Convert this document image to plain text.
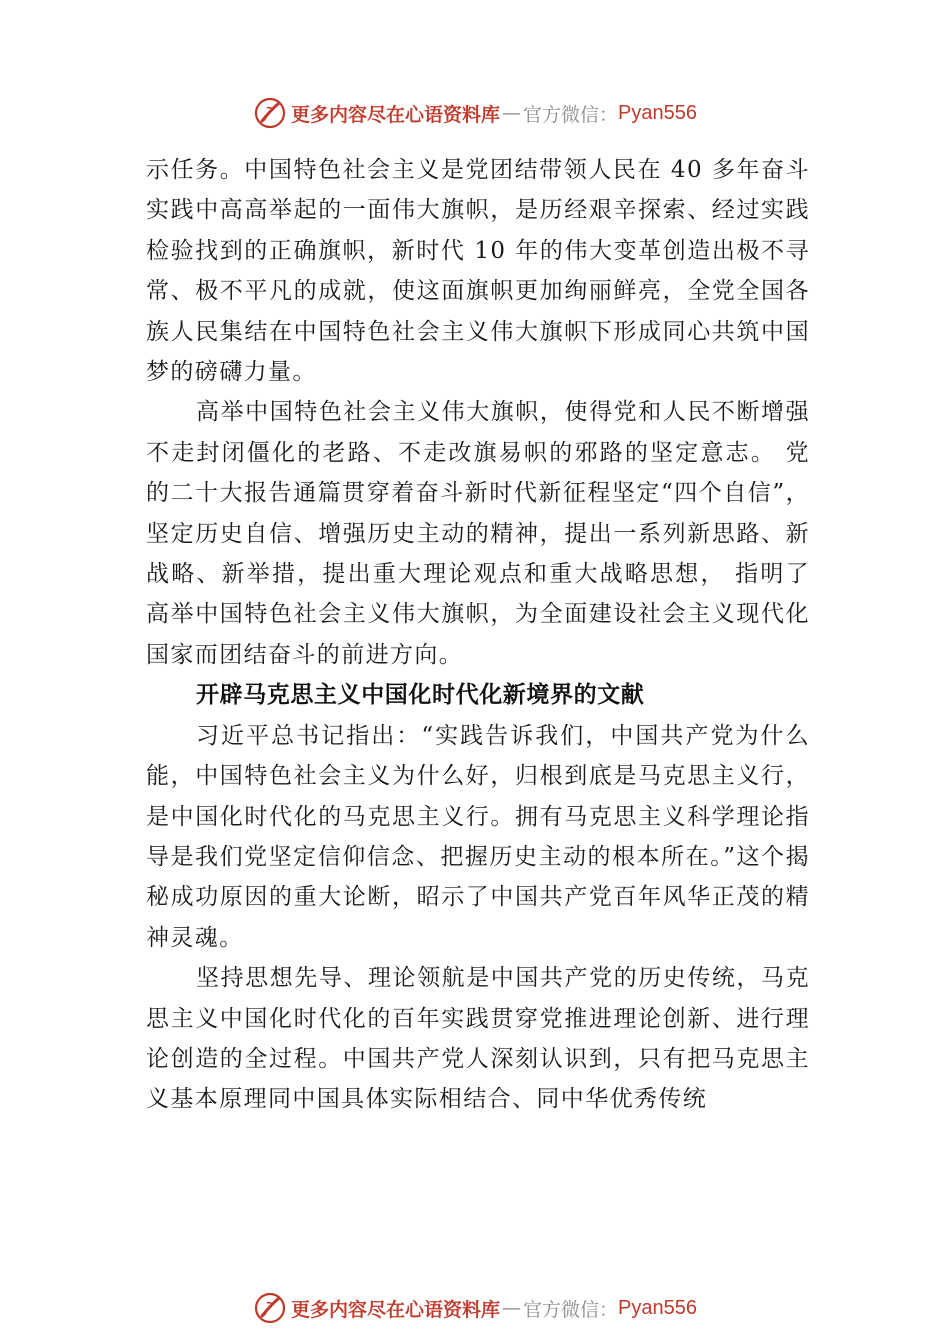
更多内容尽在心语资料库 — 官方微信： Pyan556

示任务。中国特色社会主义是党团结带领人民在 40 多年奋斗实践中高高举起的一面伟大旗帜，是历经艰辛探索、经过实践检验找到的正确旗帜，新时代 10 年的伟大变革创造出极不寻常、极不平凡的成就，使这面旗帜更加绚丽鲜亮，全党全国各族人民集结在中国特色社会主义伟大旗帜下形成同心共筑中国梦的磅礴力量。

高举中国特色社会主义伟大旗帜，使得党和人民不断增强不走封闭僵化的老路、不走改旗易帜的邪路的坚定意志。 党的二十大报告通篇贯穿着奋斗新时代新征程坚定“四个自信”，坚定历史自信、增强历史主动的精神，提出一系列新思路、新战略、新举措，提出重大理论观点和重大战略思想， 指明了高举中国特色社会主义伟大旗帜，为全面建设社会主义现代化国家而团结奋斗的前进方向。

开辟马克思主义中国化时代化新境界的文献

习近平总书记指出：“实践告诉我们，中国共产党为什么能，中国特色社会主义为什么好，归根到底是马克思主义行，是中国化时代化的马克思主义行。拥有马克思主义科学理论指导是我们党坚定信仰信念、把握历史主动的根本所在。”这个揭秘成功原因的重大论断，昭示了中国共产党百年风华正茂的精神灵魂。

坚持思想先导、理论领航是中国共产党的历史传统，马克思主义中国化时代化的百年实践贯穿党推进理论创新、进行理论创造的全过程。中国共产党人深刻认识到，只有把马克思主义基本原理同中国具体实际相结合、同中华优秀传统

更多内容尽在心语资料库 — 官方微信： Pyan556
